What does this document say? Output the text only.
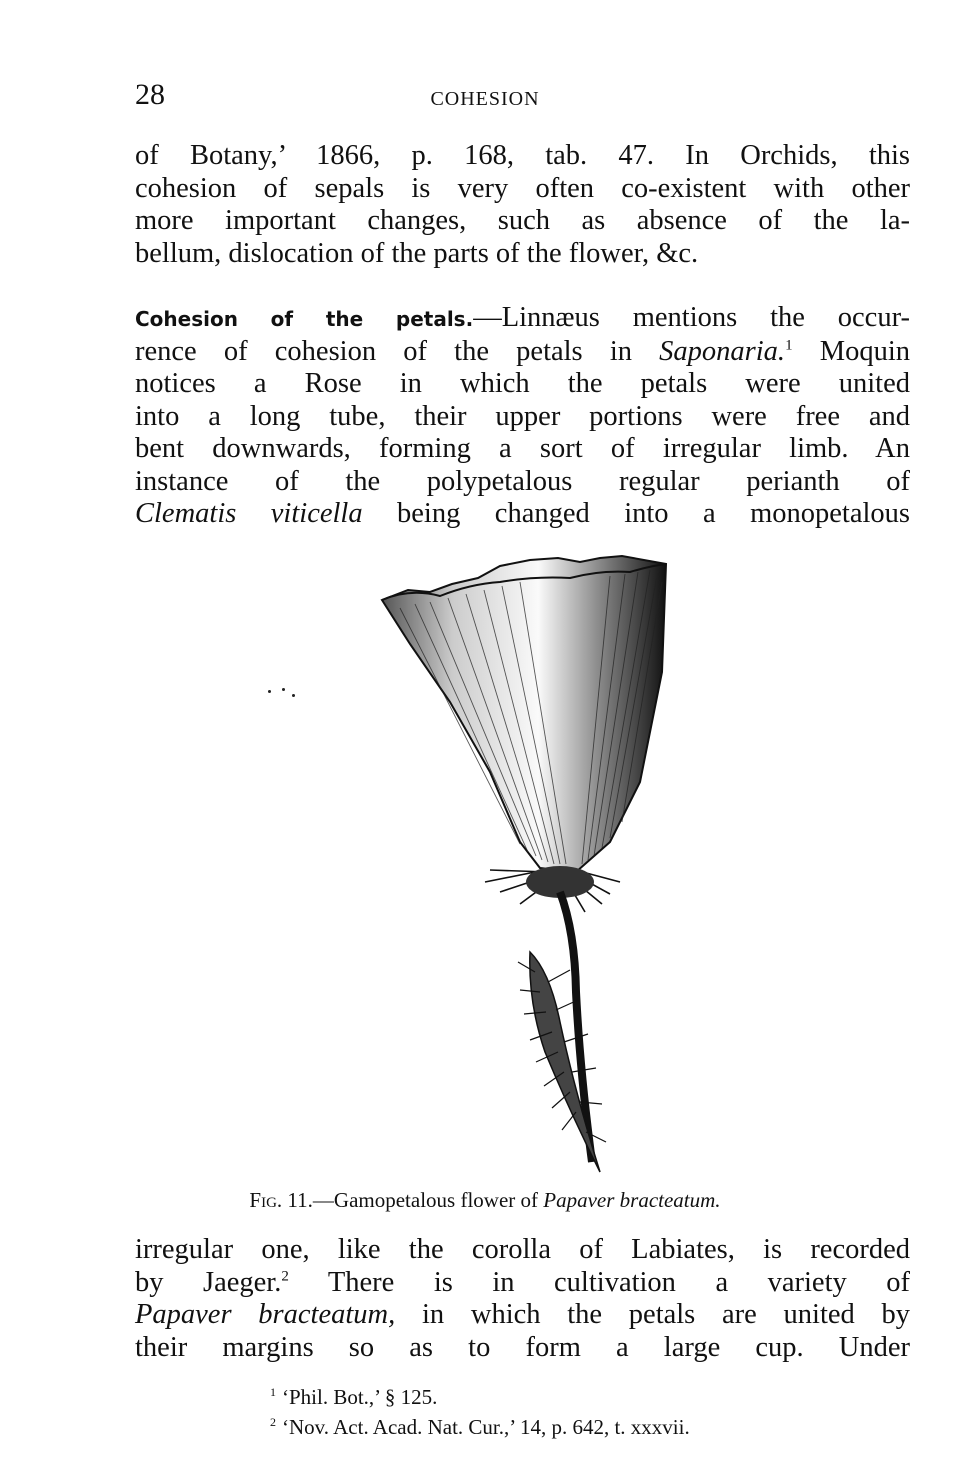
28	COHESION
of Botany,’ 1866, p. 168, tab. 47. In Orchids, this
cohesion of sepals is very often co-existent with other
more important changes, such as absence of the la-
bellum, dislocation of the parts of the flower, &c.
Cohesion of the petals.—Linnæus mentions the occur-
rence of cohesion of the petals in Saponaria.$^1$ Moquin
notices a Rose in which the petals were united
into a long tube, their upper portions were free and
bent downwards, forming a sort of irregular limb. An
instance of the polypetalous regular perianth of
Clematis viticella being changed into a monopetalous
Fig. 11.—Gamopetalous flower of Papaver bracteatum.
irregular one, like the corolla of Labiates, is recorded
by Jaeger.$^2$ There is in cultivation a variety of
Papaver bracteatum, in which the petals are united by
their margins so as to form a large cup. Under
$^1$ ‘Phil. Bot.,’ § 125.
$^2$ ‘Nov. Act. Acad. Nat. Cur.,’ 14, p. 642, t. xxxvii.
